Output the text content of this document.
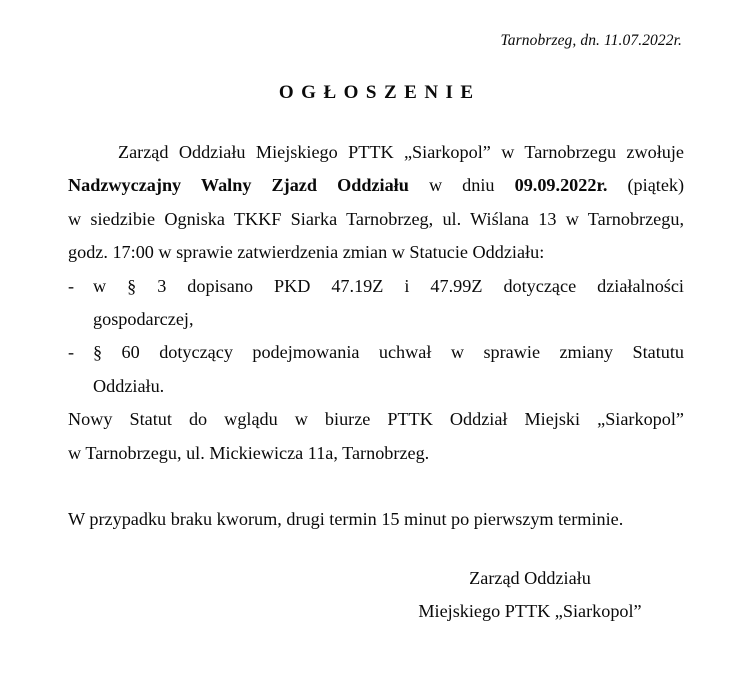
Tarnobrzeg, dn. 11.07.2022r.
OGŁOSZENIE
Zarząd Oddziału Miejskiego PTTK „Siarkopol” w Tarnobrzegu zwołuje
Nadzwyczajny Walny Zjazd Oddziału w dniu 09.09.2022r. (piątek)
w siedzibie Ogniska TKKF Siarka Tarnobrzeg, ul. Wiślana 13 w Tarnobrzegu,
godz. 17:00 w sprawie zatwierdzenia zmian w Statucie Oddziału:
-	w § 3 dopisano PKD 47.19Z i 47.99Z dotyczące działalności
gospodarczej,
-	§ 60 dotyczący podejmowania uchwał w sprawie zmiany Statutu
Oddziału.
Nowy Statut do wglądu w biurze PTTK Oddział Miejski „Siarkopol”
w Tarnobrzegu, ul. Mickiewicza 11a, Tarnobrzeg.
W przypadku braku kworum, drugi termin 15 minut po pierwszym terminie.
Zarząd Oddziału
Miejskiego PTTK „Siarkopol”
